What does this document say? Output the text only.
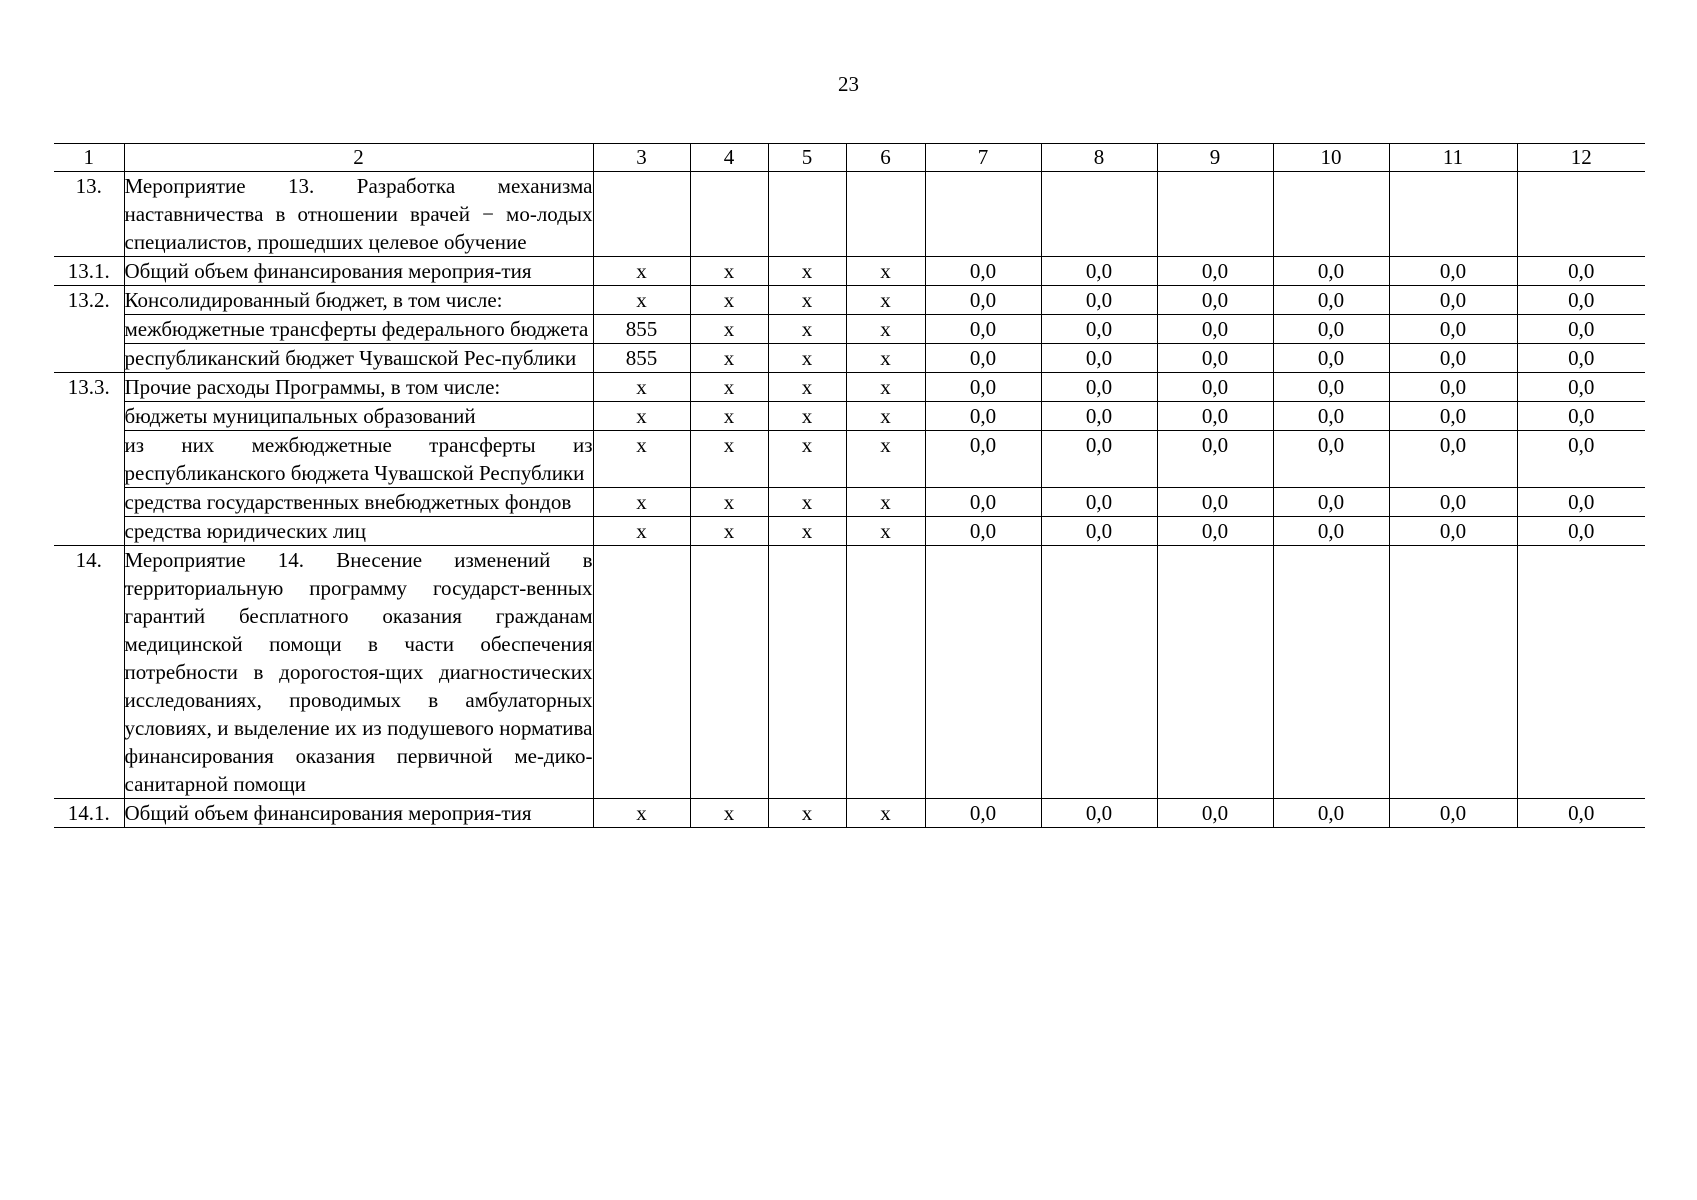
23
1	2	3	4	5	6	7	8	9	10	11	12
13.	Мероприятие 13. Разработка механизма наставничества в отношении врачей − мо-лодых специалистов, прошедших целевое обучение										
13.1.	Общий объем финансирования мероприя-тия	х	х	х	х	0,0	0,0	0,0	0,0	0,0	0,0
13.2.	Консолидированный бюджет, в том числе:	х	х	х	х	0,0	0,0	0,0	0,0	0,0	0,0
	межбюджетные трансферты федерального бюджета	855	х	х	х	0,0	0,0	0,0	0,0	0,0	0,0
	республиканский бюджет Чувашской Рес-публики	855	х	х	х	0,0	0,0	0,0	0,0	0,0	0,0
13.3.	Прочие расходы Программы, в том числе:	х	х	х	х	0,0	0,0	0,0	0,0	0,0	0,0
	бюджеты муниципальных образований	х	х	х	х	0,0	0,0	0,0	0,0	0,0	0,0
	из них межбюджетные трансферты из республиканского бюджета Чувашской Республики	х	х	х	х	0,0	0,0	0,0	0,0	0,0	0,0
	средства государственных внебюджетных фондов	х	х	х	х	0,0	0,0	0,0	0,0	0,0	0,0
	средства юридических лиц	х	х	х	х	0,0	0,0	0,0	0,0	0,0	0,0
14.	Мероприятие 14. Внесение изменений в территориальную программу государст-венных гарантий бесплатного оказания гражданам медицинской помощи в части обеспечения потребности в дорогостоя-щих диагностических исследованиях, проводимых в амбулаторных условиях, и выделение их из подушевого норматива финансирования оказания первичной ме-дико-санитарной помощи										
14.1.	Общий объем финансирования мероприя-тия	х	х	х	х	0,0	0,0	0,0	0,0	0,0	0,0
